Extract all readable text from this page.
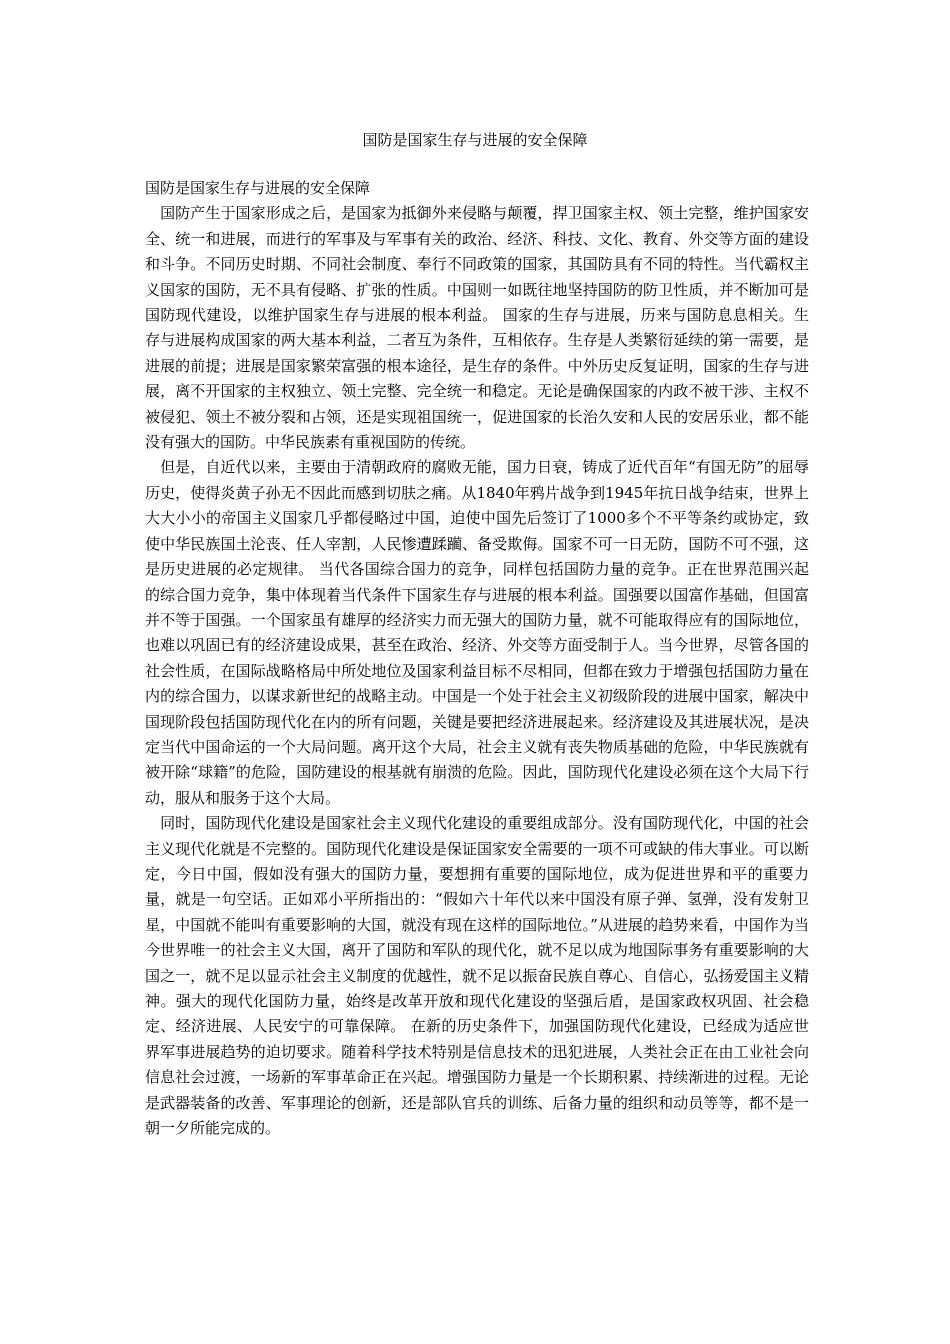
国防是国家生存与进展的安全保障

国防是国家生存与进展的安全保障

　国防产生于国家形成之后，是国家为抵御外来侵略与颠覆，捍卫国家主权、领土完整，维护国家安全、统一和进展，而进行的军事及与军事有关的政治、经济、科技、文化、教育、外交等方面的建设和斗争。不同历史时期、不同社会制度、奉行不同政策的国家，其国防具有不同的特性。当代霸权主义国家的国防，无不具有侵略、扩张的性质。中国则一如既往地坚持国防的防卫性质，并不断加可是国防现代建设，以维护国家生存与进展的根本利益。 国家的生存与进展，历来与国防息息相关。生存与进展构成国家的两大基本利益，二者互为条件，互相依存。生存是人类繁衍延续的第一需要，是进展的前提；进展是国家繁荣富强的根本途径，是生存的条件。中外历史反复证明，国家的生存与进展，离不开国家的主权独立、领土完整、完全统一和稳定。无论是确保国家的内政不被干涉、主权不被侵犯、领土不被分裂和占领，还是实现祖国统一，促进国家的长治久安和人民的安居乐业，都不能没有强大的国防。中华民族素有重视国防的传统。

　但是，自近代以来，主要由于清朝政府的腐败无能，国力日衰，铸成了近代百年“有国无防”的屈辱历史，使得炎黄子孙无不因此而感到切肤之痛。从1840年鸦片战争到1945年抗日战争结束，世界上大大小小的帝国主义国家几乎都侵略过中国，迫使中国先后签订了1000多个不平等条约或协定，致使中华民族国土沦丧、任人宰割，人民惨遭蹂躏、备受欺侮。国家不可一日无防，国防不可不强，这是历史进展的必定规律。 当代各国综合国力的竞争，同样包括国防力量的竞争。正在世界范围兴起的综合国力竞争，集中体现着当代条件下国家生存与进展的根本利益。国强要以国富作基础，但国富并不等于国强。一个国家虽有雄厚的经济实力而无强大的国防力量，就不可能取得应有的国际地位，也难以巩固已有的经济建设成果，甚至在政治、经济、外交等方面受制于人。当今世界，尽管各国的社会性质，在国际战略格局中所处地位及国家利益目标不尽相同，但都在致力于增强包括国防力量在内的综合国力，以谋求新世纪的战略主动。中国是一个处于社会主义初级阶段的进展中国家，解决中国现阶段包括国防现代化在内的所有问题，关键是要把经济进展起来。经济建设及其进展状况，是决定当代中国命运的一个大局问题。离开这个大局，社会主义就有丧失物质基础的危险，中华民族就有被开除“球籍”的危险，国防建设的根基就有崩溃的危险。因此，国防现代化建设必须在这个大局下行动，服从和服务于这个大局。

　同时，国防现代化建设是国家社会主义现代化建设的重要组成部分。没有国防现代化，中国的社会主义现代化就是不完整的。国防现代化建设是保证国家安全需要的一项不可或缺的伟大事业。可以断定，今日中国，假如没有强大的国防力量，要想拥有重要的国际地位，成为促进世界和平的重要力量，就是一句空话。正如邓小平所指出的：“假如六十年代以来中国没有原子弹、氢弹，没有发射卫星，中国就不能叫有重要影响的大国，就没有现在这样的国际地位。”从进展的趋势来看，中国作为当今世界唯一的社会主义大国，离开了国防和军队的现代化，就不足以成为地国际事务有重要影响的大国之一，就不足以显示社会主义制度的优越性，就不足以振奋民族自尊心、自信心，弘扬爱国主义精神。强大的现代化国防力量，始终是改革开放和现代化建设的坚强后盾，是国家政权巩固、社会稳定、经济进展、人民安宁的可靠保障。 在新的历史条件下，加强国防现代化建设，已经成为适应世界军事进展趋势的迫切要求。随着科学技术特别是信息技术的迅犯进展，人类社会正在由工业社会向信息社会过渡，一场新的军事革命正在兴起。增强国防力量是一个长期积累、持续渐进的过程。无论是武器装备的改善、军事理论的创新，还是部队官兵的训练、后备力量的组织和动员等等，都不是一朝一夕所能完成的。
